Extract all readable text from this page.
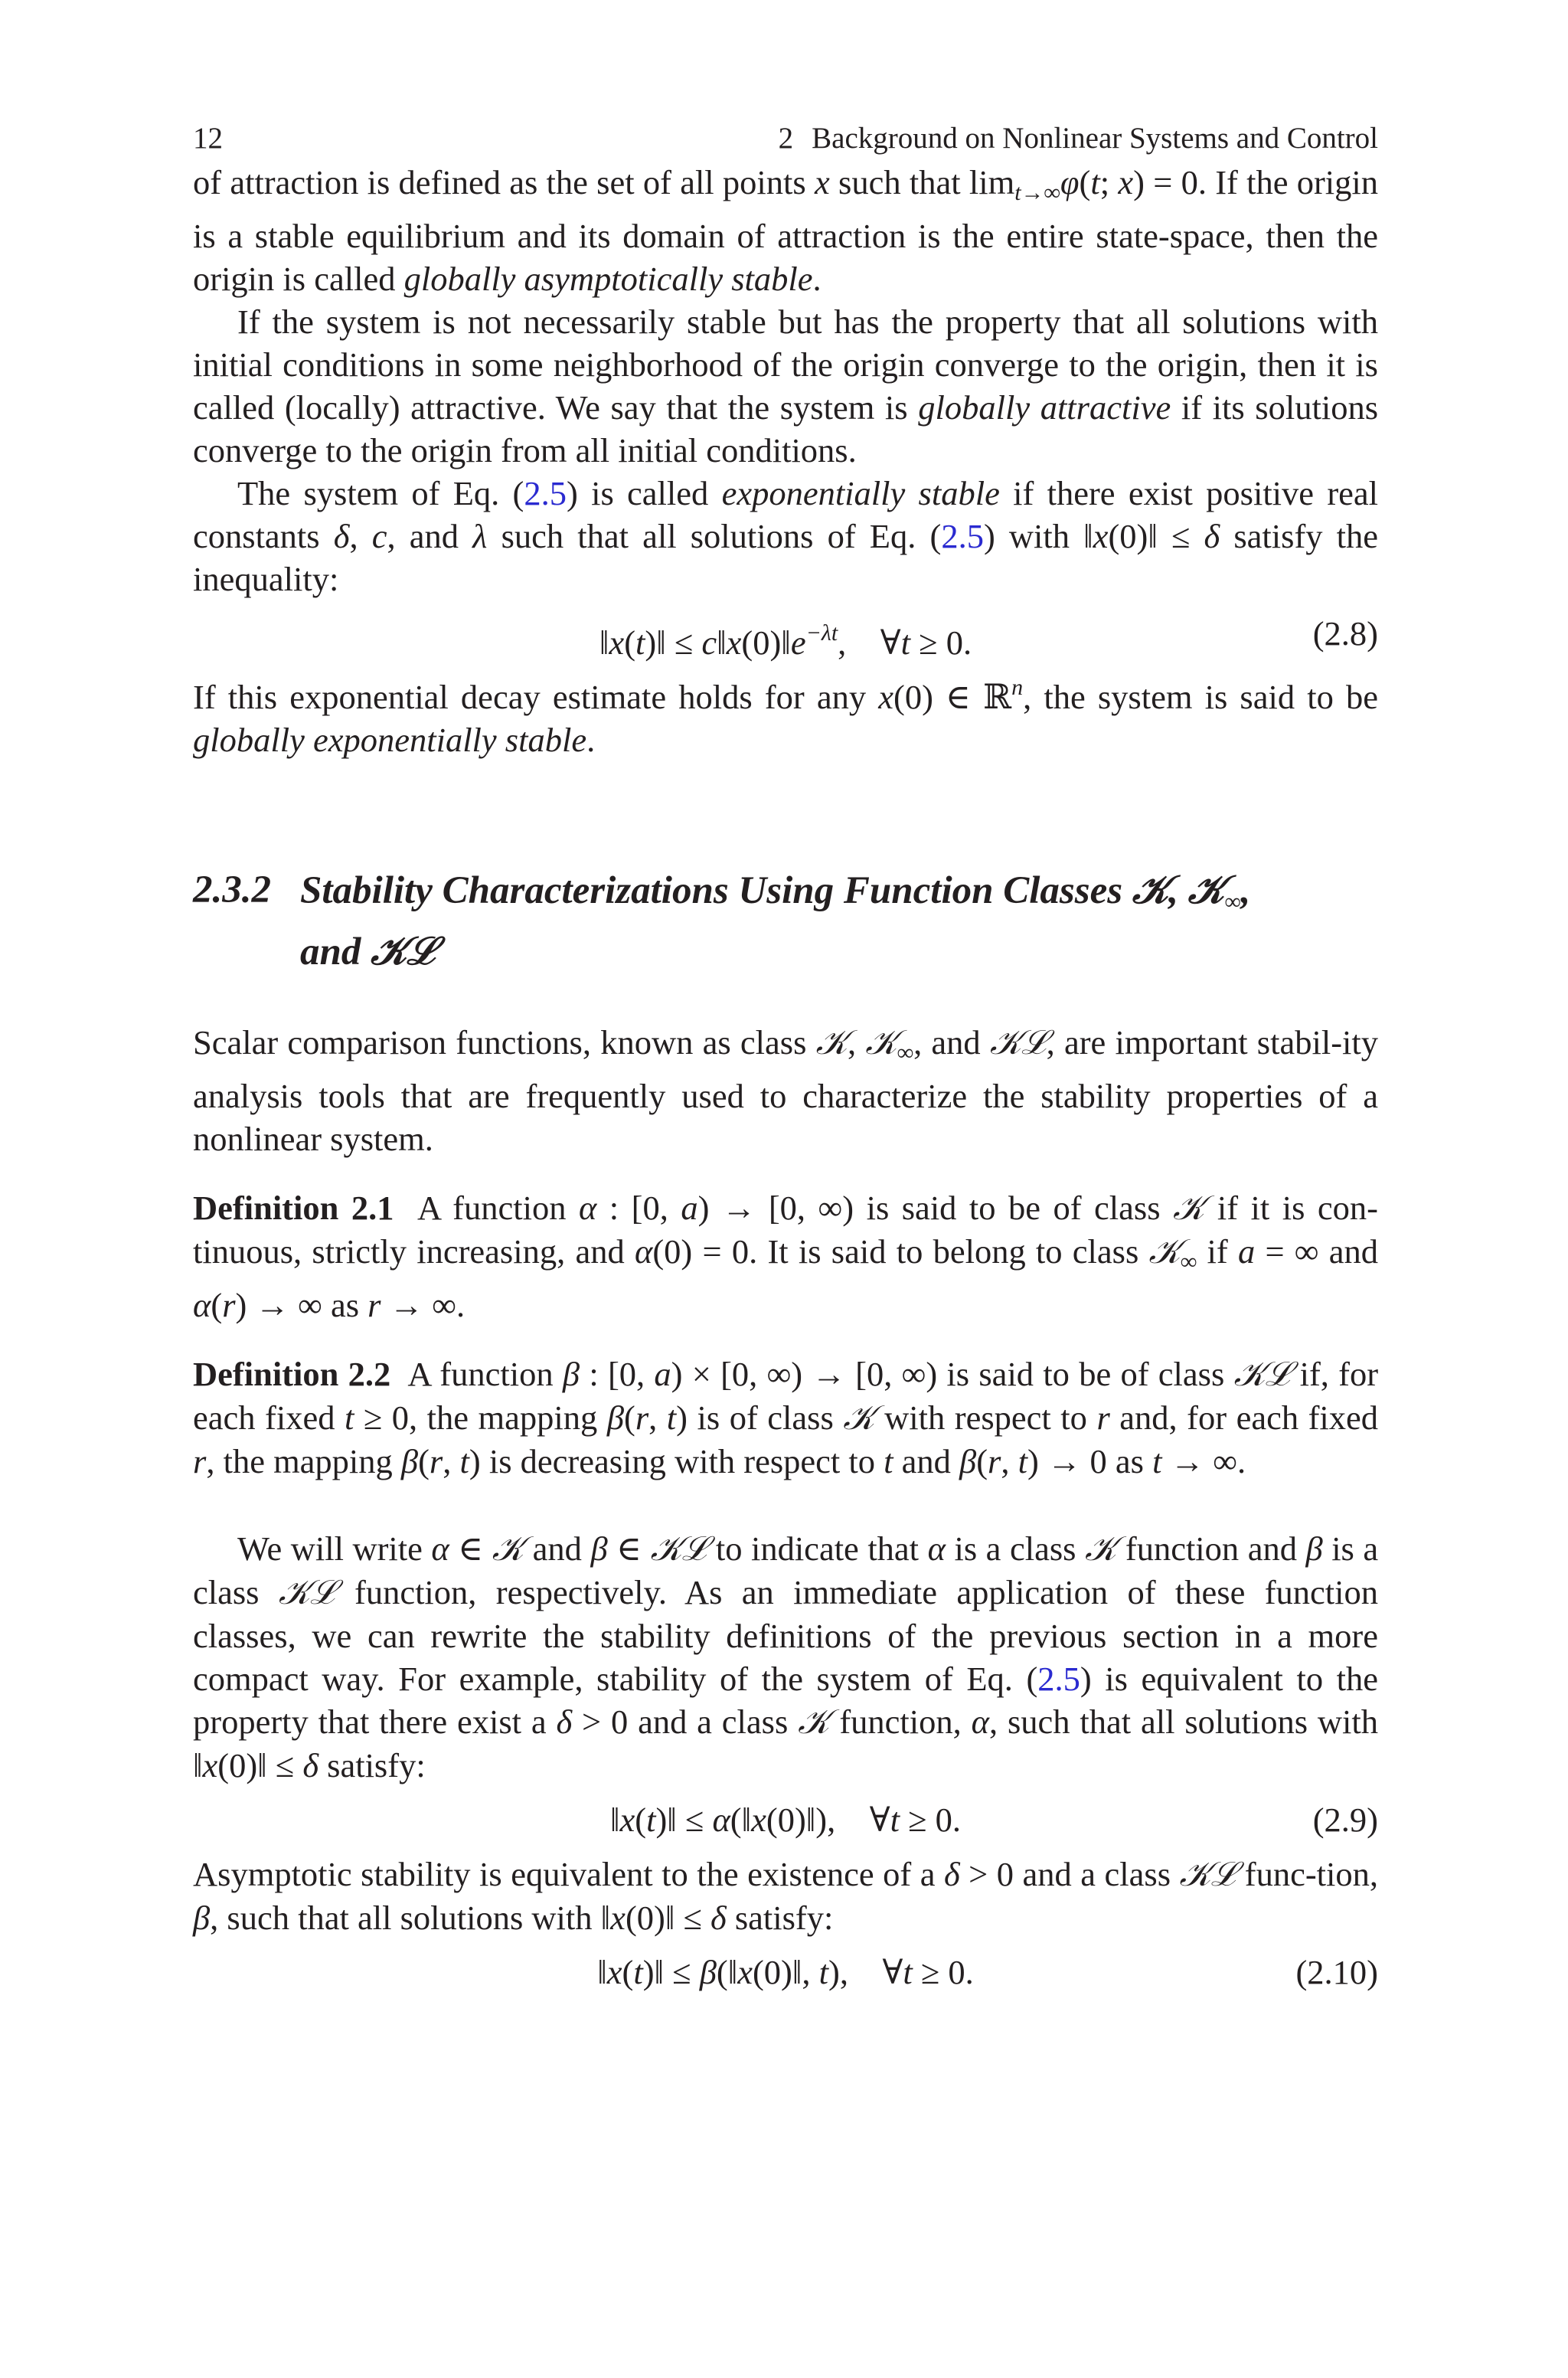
12	2 Background on Nonlinear Systems and Control

of attraction is defined as the set of all points x such that $\lim_{t\to\infty}\varphi(t$; x) = 0. If the origin is a stable equilibrium and its domain of attraction is the entire state-space, then the origin is called globally asymptotically stable.

If the system is not necessarily stable but has the property that all solutions with initial conditions in some neighborhood of the origin converge to the origin, then it is called (locally) attractive. We say that the system is globally attractive if its solutions converge to the origin from all initial conditions.

The system of Eq. (2.5) is called exponentially stable if there exist positive real constants δ, c, and λ such that all solutions of Eq. (2.5) with ‖x(0)‖ ≤ δ satisfy the inequality:

‖x(t)‖ ≤ $c‖x(0)‖e^{-\lambda t}$,    ∀t ≥ 0.	(2.8)

If this exponential decay estimate holds for any x(0) ∈ ℝ$^n$, the system is said to be globally exponentially stable.

2.3.2 Stability Characterizations Using Function Classes 𝒦, 𝒦$_\infty$,
and 𝒦ℒ

Scalar comparison functions, known as class 𝒦, 𝒦$_\infty$, and 𝒦ℒ, are important stabil-ity analysis tools that are frequently used to characterize the stability properties of a nonlinear system.

Definition 2.1 A function α : [0, a) → [0, ∞) is said to be of class 𝒦 if it is con-tinuous, strictly increasing, and α(0) = 0. It is said to belong to class 𝒦$_\infty$ if a = ∞ and α(r) → ∞ as r → ∞.

Definition 2.2 A function β : [0, a) × [0, ∞) → [0, ∞) is said to be of class 𝒦ℒ if, for each fixed t ≥ 0, the mapping β(r, t) is of class 𝒦 with respect to r and, for each fixed r, the mapping β(r, t) is decreasing with respect to t and β(r, t) → 0 as t → ∞.

We will write α ∈ 𝒦 and β ∈ 𝒦ℒ to indicate that α is a class 𝒦 function and β is a class 𝒦ℒ function, respectively. As an immediate application of these function classes, we can rewrite the stability definitions of the previous section in a more compact way. For example, stability of the system of Eq. (2.5) is equivalent to the property that there exist a δ > 0 and a class 𝒦 function, α, such that all solutions with ‖x(0)‖ ≤ δ satisfy:

‖x(t)‖ ≤ α(‖x(0)‖),    ∀t ≥ 0.	(2.9)

Asymptotic stability is equivalent to the existence of a δ > 0 and a class 𝒦ℒ func-tion, β, such that all solutions with ‖x(0)‖ ≤ δ satisfy:

‖x(t)‖ ≤ β(‖x(0)‖, t),    ∀t ≥ 0.	(2.10)
